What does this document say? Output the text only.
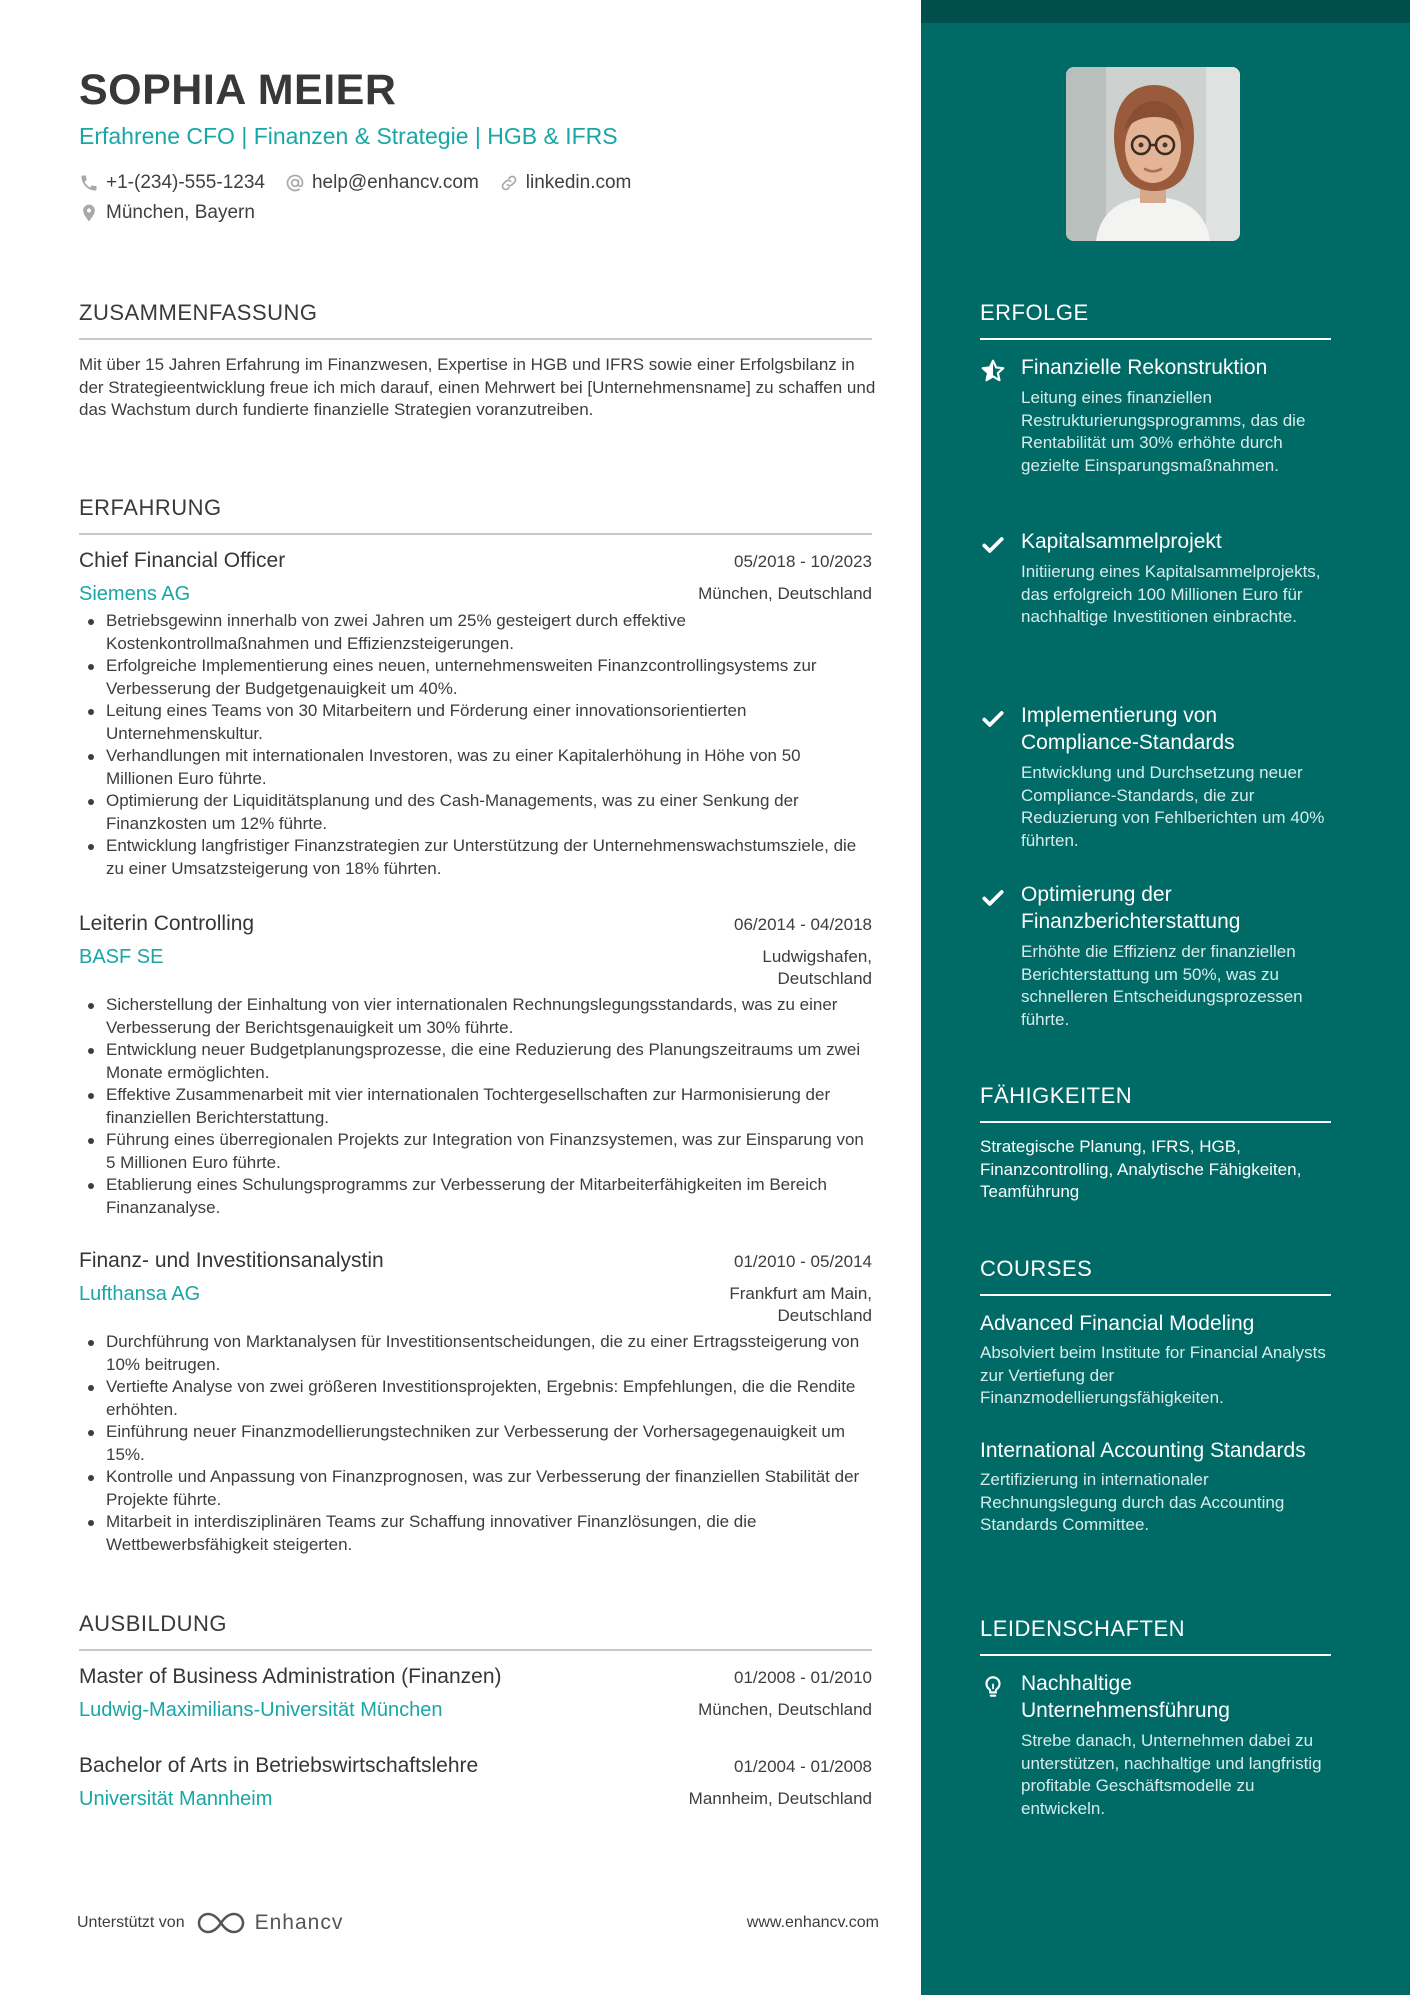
SOPHIA MEIER
Erfahrene CFO | Finanzen & Strategie | HGB & IFRS
+1-(234)-555-1234 help@enhancv.com linkedin.com
München, Bayern
ZUSAMMENFASSUNG
Mit über 15 Jahren Erfahrung im Finanzwesen, Expertise in HGB und IFRS sowie einer Erfolgsbilanz in der Strategieentwicklung freue ich mich darauf, einen Mehrwert bei [Unternehmensname] zu schaffen und das Wachstum durch fundierte finanzielle Strategien voranzutreiben.
ERFAHRUNG
Chief Financial Officer	05/2018 - 10/2023
Siemens AG	München, Deutschland
Betriebsgewinn innerhalb von zwei Jahren um 25% gesteigert durch effektive Kostenkontrollmaßnahmen und Effizienzsteigerungen.
Erfolgreiche Implementierung eines neuen, unternehmensweiten Finanzcontrollingsystems zur Verbesserung der Budgetgenauigkeit um 40%.
Leitung eines Teams von 30 Mitarbeitern und Förderung einer innovationsorientierten Unternehmenskultur.
Verhandlungen mit internationalen Investoren, was zu einer Kapitalerhöhung in Höhe von 50 Millionen Euro führte.
Optimierung der Liquiditätsplanung und des Cash-Managements, was zu einer Senkung der Finanzkosten um 12% führte.
Entwicklung langfristiger Finanzstrategien zur Unterstützung der Unternehmenswachstumsziele, die zu einer Umsatzsteigerung von 18% führten.
Leiterin Controlling	06/2014 - 04/2018
BASF SE	Ludwigshafen,
Deutschland
Sicherstellung der Einhaltung von vier internationalen Rechnungslegungsstandards, was zu einer Verbesserung der Berichtsgenauigkeit um 30% führte.
Entwicklung neuer Budgetplanungsprozesse, die eine Reduzierung des Planungszeitraums um zwei Monate ermöglichten.
Effektive Zusammenarbeit mit vier internationalen Tochtergesellschaften zur Harmonisierung der finanziellen Berichterstattung.
Führung eines überregionalen Projekts zur Integration von Finanzsystemen, was zur Einsparung von 5 Millionen Euro führte.
Etablierung eines Schulungsprogramms zur Verbesserung der Mitarbeiterfähigkeiten im Bereich Finanzanalyse.
Finanz- und Investitionsanalystin	01/2010 - 05/2014
Lufthansa AG	Frankfurt am Main,
Deutschland
Durchführung von Marktanalysen für Investitionsentscheidungen, die zu einer Ertragssteigerung von 10% beitrugen.
Vertiefte Analyse von zwei größeren Investitionsprojekten, Ergebnis: Empfehlungen, die die Rendite erhöhten.
Einführung neuer Finanzmodellierungstechniken zur Verbesserung der Vorhersagegenauigkeit um 15%.
Kontrolle und Anpassung von Finanzprognosen, was zur Verbesserung der finanziellen Stabilität der Projekte führte.
Mitarbeit in interdisziplinären Teams zur Schaffung innovativer Finanzlösungen, die die Wettbewerbsfähigkeit steigerten.
AUSBILDUNG
Master of Business Administration (Finanzen)	01/2008 - 01/2010
Ludwig-Maximilians-Universität München	München, Deutschland
Bachelor of Arts in Betriebswirtschaftslehre	01/2004 - 01/2008
Universität Mannheim	Mannheim, Deutschland
Unterstützt von	Enhancv	www.enhancv.com
ERFOLGE
Finanzielle Rekonstruktion
Leitung eines finanziellen Restrukturierungsprogramms, das die Rentabilität um 30% erhöhte durch gezielte Einsparungsmaßnahmen.
Kapitalsammelprojekt
Initiierung eines Kapitalsammelprojekts, das erfolgreich 100 Millionen Euro für nachhaltige Investitionen einbrachte.
Implementierung von Compliance-Standards
Entwicklung und Durchsetzung neuer Compliance-Standards, die zur Reduzierung von Fehlberichten um 40% führten.
Optimierung der Finanzberichterstattung
Erhöhte die Effizienz der finanziellen Berichterstattung um 50%, was zu schnelleren Entscheidungsprozessen führte.
FÄHIGKEITEN
Strategische Planung, IFRS, HGB, Finanzcontrolling, Analytische Fähigkeiten, Teamführung
COURSES
Advanced Financial Modeling
Absolviert beim Institute for Financial Analysts zur Vertiefung der Finanzmodellierungsfähigkeiten.
International Accounting Standards
Zertifizierung in internationaler Rechnungslegung durch das Accounting Standards Committee.
LEIDENSCHAFTEN
Nachhaltige Unternehmensführung
Strebe danach, Unternehmen dabei zu unterstützen, nachhaltige und langfristig profitable Geschäftsmodelle zu entwickeln.
